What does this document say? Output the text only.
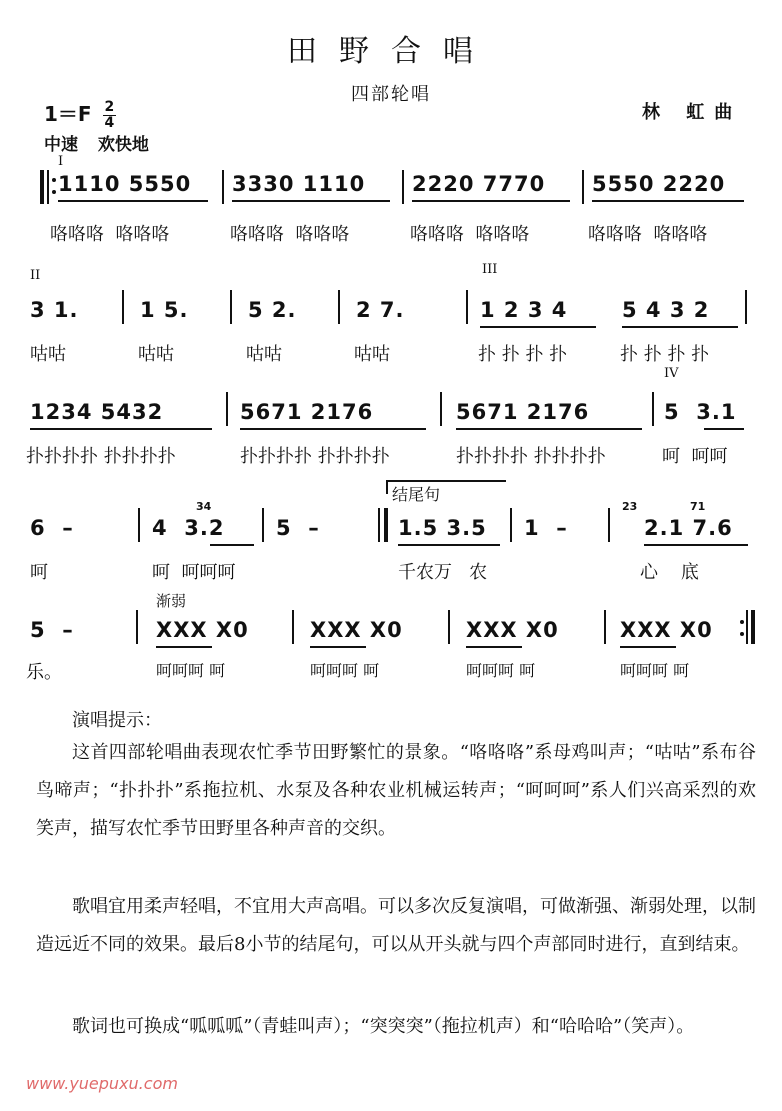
田野合唱
四部轮唱
$1=F \frac{2}{4}$	林 虹曲
中速 欢快地
I
1110 5550 3330 1110 2220 7770 5550 2220
咯咯咯  咯咯咯	咯咯咯  咯咯咯	咯咯咯  咯咯咯	咯咯咯  咯咯咯
II	III
3 1.	1 5.	5 2.	2 7.	1 2 3 4	5 4 3 2
咕咕	咕咕	咕咕	咕咕	扑 扑 扑 扑	扑 扑 扑 扑
IV
1234 5432	5671 2176	5671 2176	5  3.1
扑扑扑扑 扑扑扑扑	扑扑扑扑 扑扑扑扑	扑扑扑扑 扑扑扑扑	呵  呵呵
结尾句
6  –	4  3.2
34
5  –	1.5 3.5 1  –	2.1 7.6
23	71
呵	呵  呵呵呵	千农万   农	心    底
渐弱
5  –	XXX X0	XXX X0	XXX X0	XXX X0
乐。	呵呵呵 呵	呵呵呵 呵	呵呵呵 呵	呵呵呵 呵
演唱提示：
这首四部轮唱曲表现农忙季节田野繁忙的景象。“咯咯咯”系母鸡叫声；“咕咕”系布谷鸟啼声；“扑扑扑”系拖拉机、水泵及各种农业机械运转声；“呵呵呵”系人们兴高采烈的欢笑声，描写农忙季节田野里各种声音的交织。
歌唱宜用柔声轻唱，不宜用大声高唱。可以多次反复演唱，可做渐强、渐弱处理，以制造远近不同的效果。最后8小节的结尾句，可以从开头就与四个声部同时进行，直到结束。
歌词也可换成“呱呱呱”（青蛙叫声）；“突突突”（拖拉机声）和“哈哈哈”（笑声）。
www.yuepuxu.com
